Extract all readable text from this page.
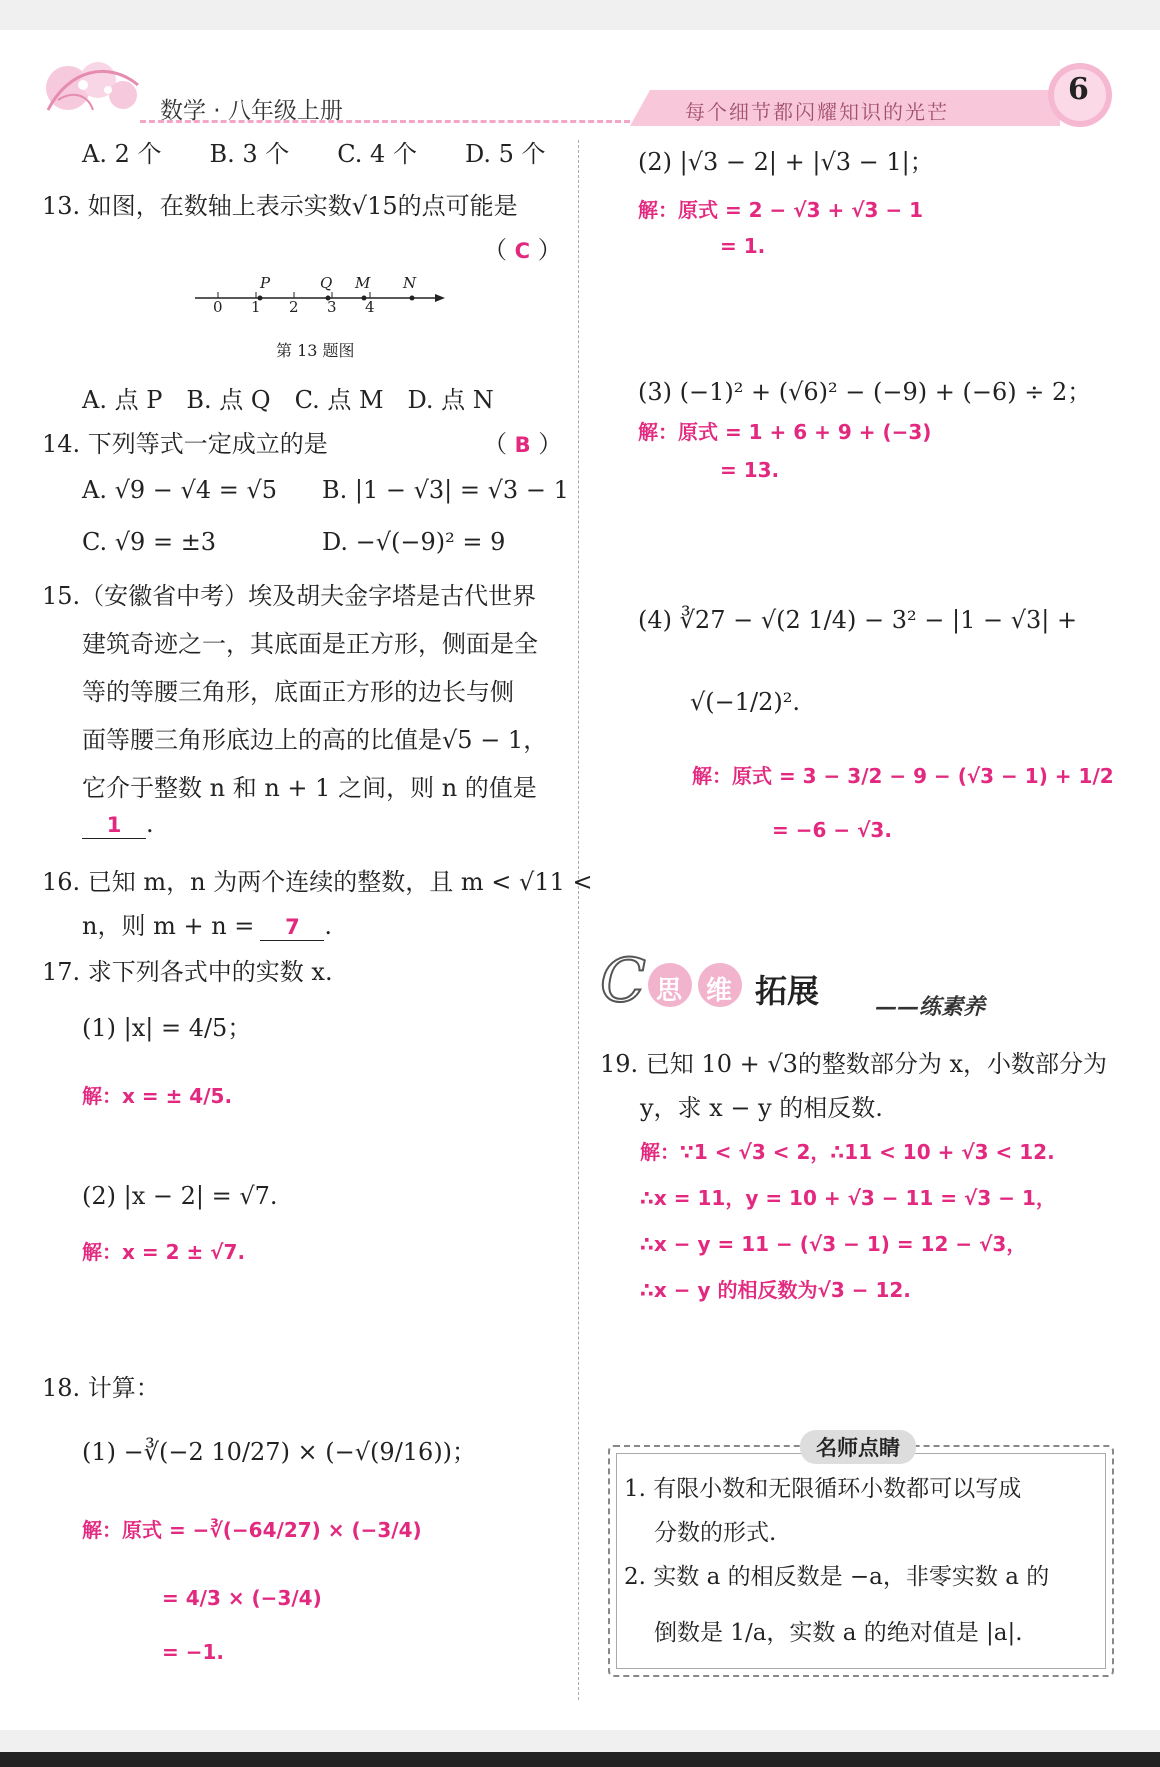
数学 · 八年级上册	每个细节都闪耀知识的光芒
6
A. 2 个　　B. 3 个　　C. 4 个　　D. 5 个
13. 如图，在数轴上表示实数√15的点可能是
（ C ）
0 1 2 3 4
P	Q M N
第 13 题图
A. 点 P　B. 点 Q　C. 点 M　D. 点 N
14. 下列等式一定成立的是	（ B ）
A. √9 − √4 = √5 B. |1 − √3| = √3 − 1
C. √9 = ±3	D. −√(−9)² = 9
15.（安徽省中考）埃及胡夫金字塔是古代世界
建筑奇迹之一，其底面是正方形，侧面是全
等的等腰三角形，底面正方形的边长与侧
面等腰三角形底边上的高的比值是√5 − 1，
它介于整数 n 和 n + 1 之间，则 n 的值是
1 .
16. 已知 m，n 为两个连续的整数，且 m < √11 <
n，则 m + n = 7 .
17. 求下列各式中的实数 x.
(1) |x| = 4/5；
解：x = ± 4/5.
(2) |x − 2| = √7.
解：x = 2 ± √7.
18. 计算：
(1) −∛(−2 10/27) × (−√(9/16))；
解：原式 = −∛(−64/27) × (−3/4)
= 4/3 × (−3/4)
= −1.
(2) |√3 − 2| + |√3 − 1|；
解：原式 = 2 − √3 + √3 − 1
= 1.
(3) (−1)² + (√6)² − (−9) + (−6) ÷ 2；
解：原式 = 1 + 6 + 9 + (−3)
= 13.
(4) ∛27 − √(2 1/4) − 3² − |1 − √3| +
√(−1/2)².
解：原式 = 3 − 3/2 − 9 − (√3 − 1) + 1/2
= −6 − √3.
C 思 维 拓展	——练素养
19. 已知 10 + √3的整数部分为 x，小数部分为
y，求 x − y 的相反数.
解：∵1 < √3 < 2，∴11 < 10 + √3 < 12.
∴x = 11，y = 10 + √3 − 11 = √3 − 1，
∴x − y = 11 − (√3 − 1) = 12 − √3，
∴x − y 的相反数为√3 − 12.
名师点睛
1. 有限小数和无限循环小数都可以写成
分数的形式.
2. 实数 a 的相反数是 −a，非零实数 a 的
倒数是 1/a，实数 a 的绝对值是 |a|.
